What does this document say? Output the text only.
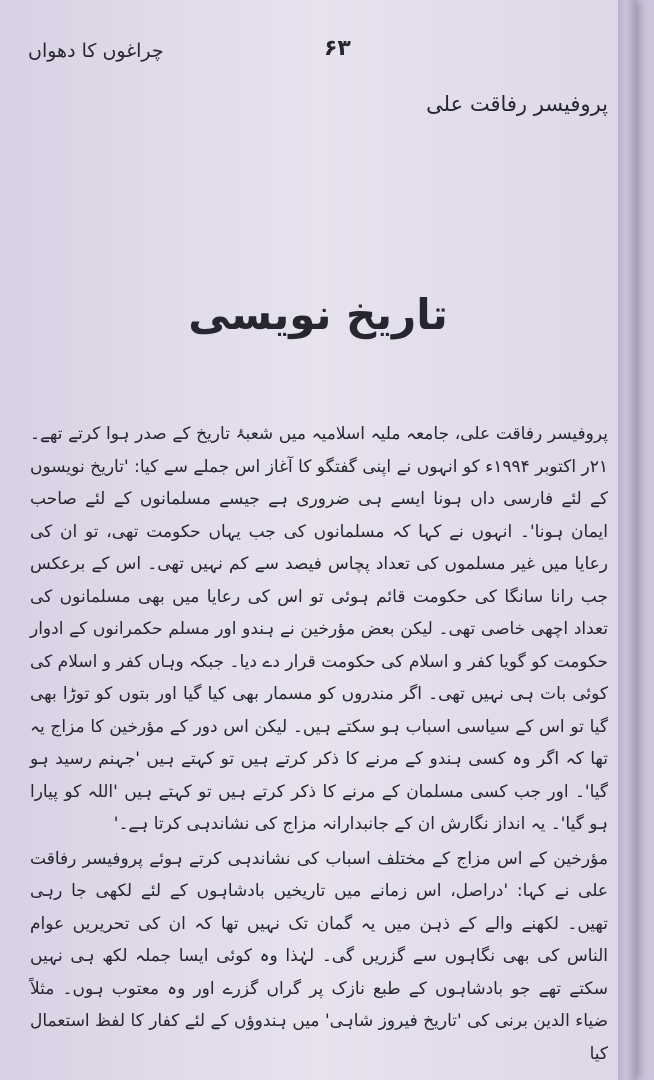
چراغوں کا دھواں	۶۳
پروفیسر رفاقت علی
تاریخ نویسی

پروفیسر رفاقت علی، جامعہ ملیہ اسلامیہ میں شعبۂ تاریخ کے صدر ہوا کرتے تھے۔ ۲۱ر اکتوبر ۱۹۹۴ء کو انہوں نے اپنی گفتگو کا آغاز اس جملے سے کیا: 'تاریخ نویسوں کے لئے فارسی داں ہونا ایسے ہی ضروری ہے جیسے مسلمانوں کے لئے صاحب ایمان ہونا'۔ انہوں نے کہا کہ مسلمانوں کی جب یہاں حکومت تھی، تو ان کی رعایا میں غیر مسلموں کی تعداد پچاس فیصد سے کم نہیں تھی۔ اس کے برعکس جب رانا سانگا کی حکومت قائم ہوئی تو اس کی رعایا میں بھی مسلمانوں کی تعداد اچھی خاصی تھی۔ لیکن بعض مؤرخین نے ہندو اور مسلم حکمرانوں کے ادوار حکومت کو گویا کفر و اسلام کی حکومت قرار دے دیا۔ جبکہ وہاں کفر و اسلام کی کوئی بات ہی نہیں تھی۔ اگر مندروں کو مسمار بھی کیا گیا اور بتوں کو توڑا بھی گیا تو اس کے سیاسی اسباب ہو سکتے ہیں۔ لیکن اس دور کے مؤرخین کا مزاج یہ تھا کہ اگر وہ کسی ہندو کے مرنے کا ذکر کرتے ہیں تو کہتے ہیں 'جہنم رسید ہو گیا'۔ اور جب کسی مسلمان کے مرنے کا ذکر کرتے ہیں تو کہتے ہیں 'اللہ کو پیارا ہو گیا'۔ یہ انداز نگارش ان کے جانبدارانہ مزاج کی نشاندہی کرتا ہے۔'

مؤرخین کے اس مزاج کے مختلف اسباب کی نشاندہی کرتے ہوئے پروفیسر رفاقت علی نے کہا: 'دراصل، اس زمانے میں تاریخیں بادشاہوں کے لئے لکھی جا رہی تھیں۔ لکھنے والے کے ذہن میں یہ گمان تک نہیں تھا کہ ان کی تحریریں عوام الناس کی بھی نگاہوں سے گزریں گی۔ لہٰذا وہ کوئی ایسا جملہ لکھ ہی نہیں سکتے تھے جو بادشاہوں کے طبع نازک پر گراں گزرے اور وہ معتوب ہوں۔ مثلاً ضیاء الدین برنی کی 'تاریخ فیروز شاہی' میں ہندوؤں کے لئے کفار کا لفظ استعمال کیا
